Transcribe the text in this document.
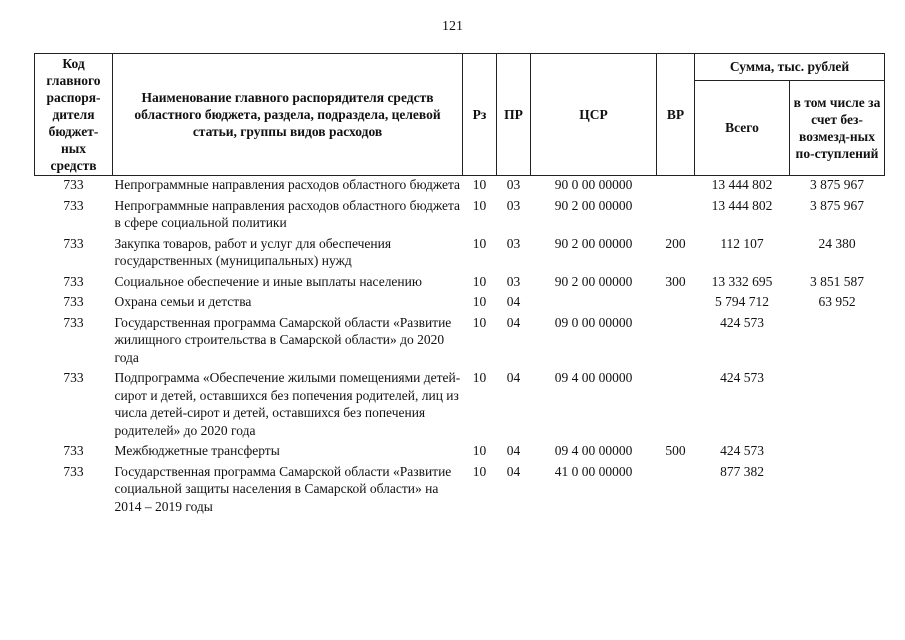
121
Код главного распоря-дителя бюджет-ных средств	Наименование главного распорядителя средств областного бюджета, раздела, подраздела, целевой статьи, группы видов расходов	Рз	ПР	ЦСР	ВР	Сумма, тыс. рублей	
						Всего	в том числе за счет без-возмезд-ных по-ступлений
733	Непрограммные направления расходов областного бюджета	10	03	90 0 00 00000		13 444 802	3 875 967
733	Непрограммные направления расходов областного бюджета в сфере социальной политики	10	03	90 2 00 00000		13 444 802	3 875 967
733	Закупка товаров, работ и услуг для обеспечения государственных (муниципальных) нужд	10	03	90 2 00 00000	200	112 107	24 380
733	Социальное обеспечение и иные выплаты населению	10	03	90 2 00 00000	300	13 332 695	3 851 587
733	Охрана семьи и детства	10	04			5 794 712	63 952
733	Государственная программа Самарской области «Развитие жилищного строительства в Самарской области» до 2020 года	10	04	09 0 00 00000		424 573	
733	Подпрограмма «Обеспечение жилыми помещениями детей-сирот и детей, оставшихся без попечения родителей, лиц из числа детей-сирот и детей, оставшихся без попечения родителей» до 2020 года	10	04	09 4 00 00000		424 573	
733	Межбюджетные трансферты	10	04	09 4 00 00000	500	424 573	
733	Государственная программа Самарской области «Развитие социальной защиты населения в Самарской области» на 2014 – 2019 годы	10	04	41 0 00 00000		877 382	
